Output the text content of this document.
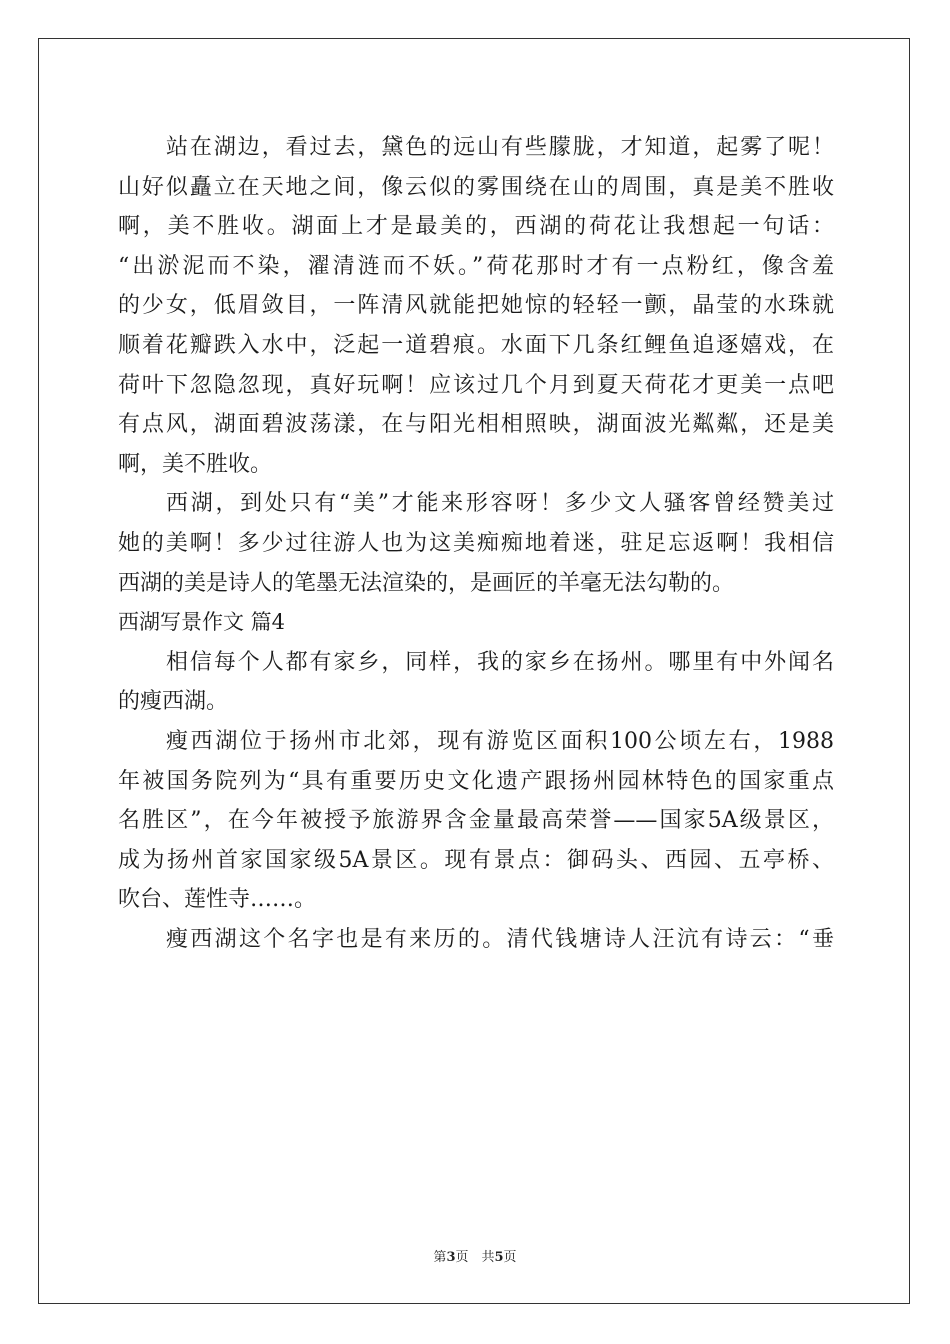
站在湖边，看过去，黛色的远山有些朦胧，才知道，起雾了呢！
山好似矗立在天地之间，像云似的雾围绕在山的周围，真是美不胜收
啊，美不胜收。湖面上才是最美的，西湖的荷花让我想起一句话：
“出淤泥而不染，濯清涟而不妖。”荷花那时才有一点粉红，像含羞
的少女，低眉敛目，一阵清风就能把她惊的轻轻一颤，晶莹的水珠就
顺着花瓣跌入水中，泛起一道碧痕。水面下几条红鲤鱼追逐嬉戏，在
荷叶下忽隐忽现，真好玩啊！应该过几个月到夏天荷花才更美一点吧
有点风，湖面碧波荡漾，在与阳光相相照映，湖面波光粼粼，还是美
啊，美不胜收。
西湖，到处只有“美”才能来形容呀！多少文人骚客曾经赞美过
她的美啊！多少过往游人也为这美痴痴地着迷，驻足忘返啊！我相信
西湖的美是诗人的笔墨无法渲染的，是画匠的羊毫无法勾勒的。
西湖写景作文 篇4
相信每个人都有家乡，同样，我的家乡在扬州。哪里有中外闻名
的瘦西湖。
瘦西湖位于扬州市北郊，现有游览区面积100公顷左右，1988
年被国务院列为“具有重要历史文化遗产跟扬州园林特色的国家重点
名胜区”，在今年被授予旅游界含金量最高荣誉——国家5A级景区，
成为扬州首家国家级5A景区。现有景点：御码头、西园、五亭桥、
吹台、莲性寺……。
瘦西湖这个名字也是有来历的。清代钱塘诗人汪沆有诗云：“垂
第3页　共5页
